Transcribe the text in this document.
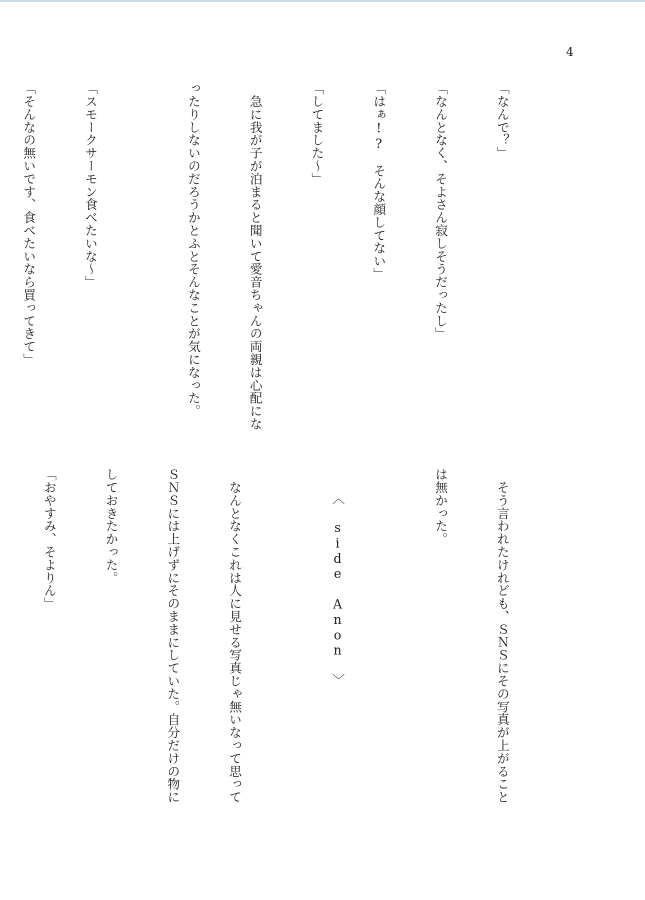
4

「なんで？」

「なんとなく、そよさん寂しそうだったし」

「はぁ!?　そんな顔してない」

「してました～」

　急に我が子が泊まると聞いて愛音ちゃんの両親は心配にな

ったりしないのだろうかとふとそんなことが気になった。

「スモークサーモン食べたいな～」

「そんなの無いです、食べたいなら買ってきて」

　そう言われたけれども、ＳＮＳにその写真が上がること

は無かった。

〈 side Anon 〉

　なんとなくこれは人に見せる写真じゃ無いなって思って

ＳＮＳには上げずにそのままにしていた。自分だけの物に

しておきたかった。

「おやすみ、そよりん」
